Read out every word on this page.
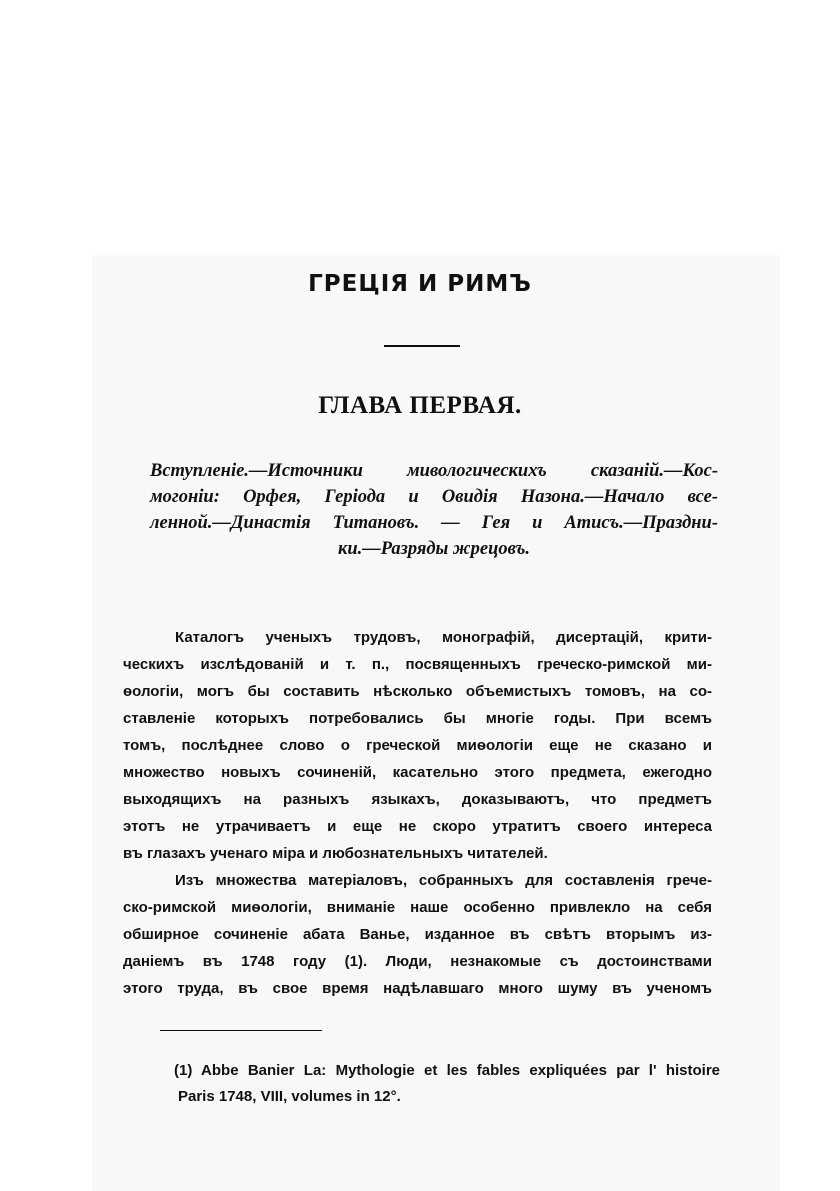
ГРЕЦІЯ И РИМЪ
ГЛАВА ПЕРВАЯ.

Вступленіе.—Источники мивологическихъ сказаній.—Кос-
могоніи: Орфея, Геріода и Овидія Назона.—Начало все-
ленной.—Династія Титановъ. — Гея и Атисъ.—Праздни-
ки.—Разряды жрецовъ.

Каталогъ ученыхъ трудовъ, монографій, дисертацій, крити-
ческихъ изслѣдованій и т. п., посвященныхъ греческо-римской ми-
ѳологіи, могъ бы составить нѣсколько объемистыхъ томовъ, на со-
ставленіе которыхъ потребовались бы многіе годы. При всемъ
томъ, послѣднее слово о греческой миѳологіи еще не сказано и
множество новыхъ сочиненій, касательно этого предмета, ежегодно
выходящихъ на разныхъ языкахъ, доказываютъ, что предметъ
этотъ не утрачиваетъ и еще не скоро утратитъ своего интереса
въ глазахъ ученаго міра и любознательныхъ читателей.
Изъ множества матеріаловъ, собранныхъ для составленія грече-
ско-римской миѳологіи, вниманіе наше особенно привлекло на себя
обширное сочиненіе абата Ванье, изданное въ свѣтъ вторымъ из-
даніемъ въ 1748 году (1). Люди, незнакомые съ достоинствами
этого труда, въ свое время надѣлавшаго много шуму въ ученомъ

(1) Abbe Banier La: Mythologie et les fables expliquées par l' histoire
Paris 1748, VIII, volumes in 12°.
